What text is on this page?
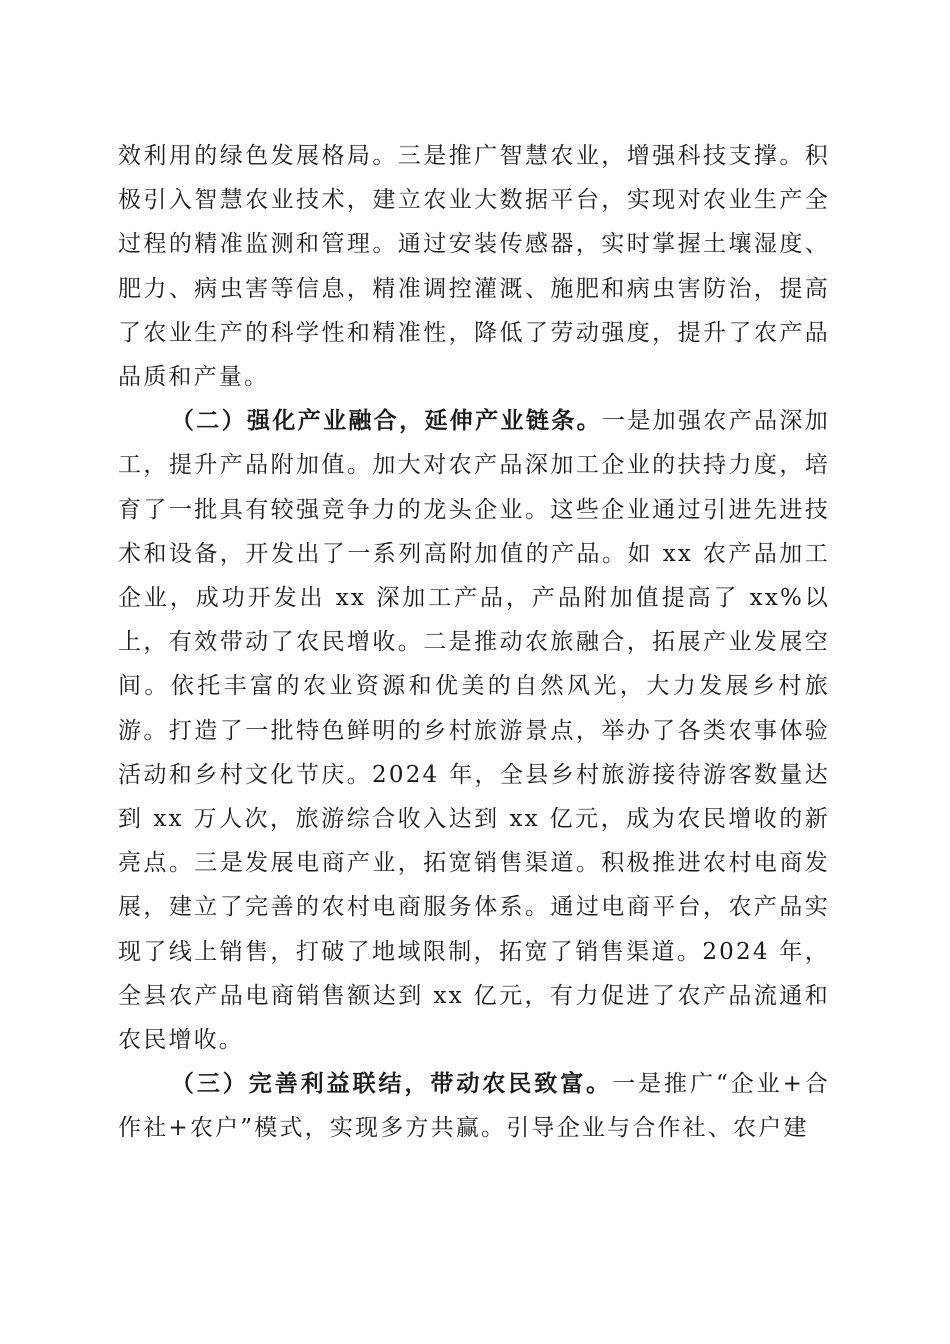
效利用的绿色发展格局。三是推广智慧农业，增强科技支撑。积极引入智慧农业技术，建立农业大数据平台，实现对农业生产全过程的精准监测和管理。通过安装传感器，实时掌握土壤湿度、肥力、病虫害等信息，精准调控灌溉、施肥和病虫害防治，提高了农业生产的科学性和精准性，降低了劳动强度，提升了农产品品质和产量。

（二）强化产业融合，延伸产业链条。一是加强农产品深加工，提升产品附加值。加大对农产品深加工企业的扶持力度，培育了一批具有较强竞争力的龙头企业。这些企业通过引进先进技术和设备，开发出了一系列高附加值的产品。如 xx 农产品加工企业，成功开发出 xx 深加工产品，产品附加值提高了 xx%以上，有效带动了农民增收。二是推动农旅融合，拓展产业发展空间。依托丰富的农业资源和优美的自然风光，大力发展乡村旅游。打造了一批特色鲜明的乡村旅游景点，举办了各类农事体验活动和乡村文化节庆。2024 年，全县乡村旅游接待游客数量达到 xx 万人次，旅游综合收入达到 xx 亿元，成为农民增收的新亮点。三是发展电商产业，拓宽销售渠道。积极推进农村电商发展，建立了完善的农村电商服务体系。通过电商平台，农产品实现了线上销售，打破了地域限制，拓宽了销售渠道。2024 年，全县农产品电商销售额达到 xx 亿元，有力促进了农产品流通和农民增收。

（三）完善利益联结，带动农民致富。一是推广“企业+合作社+农户”模式，实现多方共赢。引导企业与合作社、农户建
